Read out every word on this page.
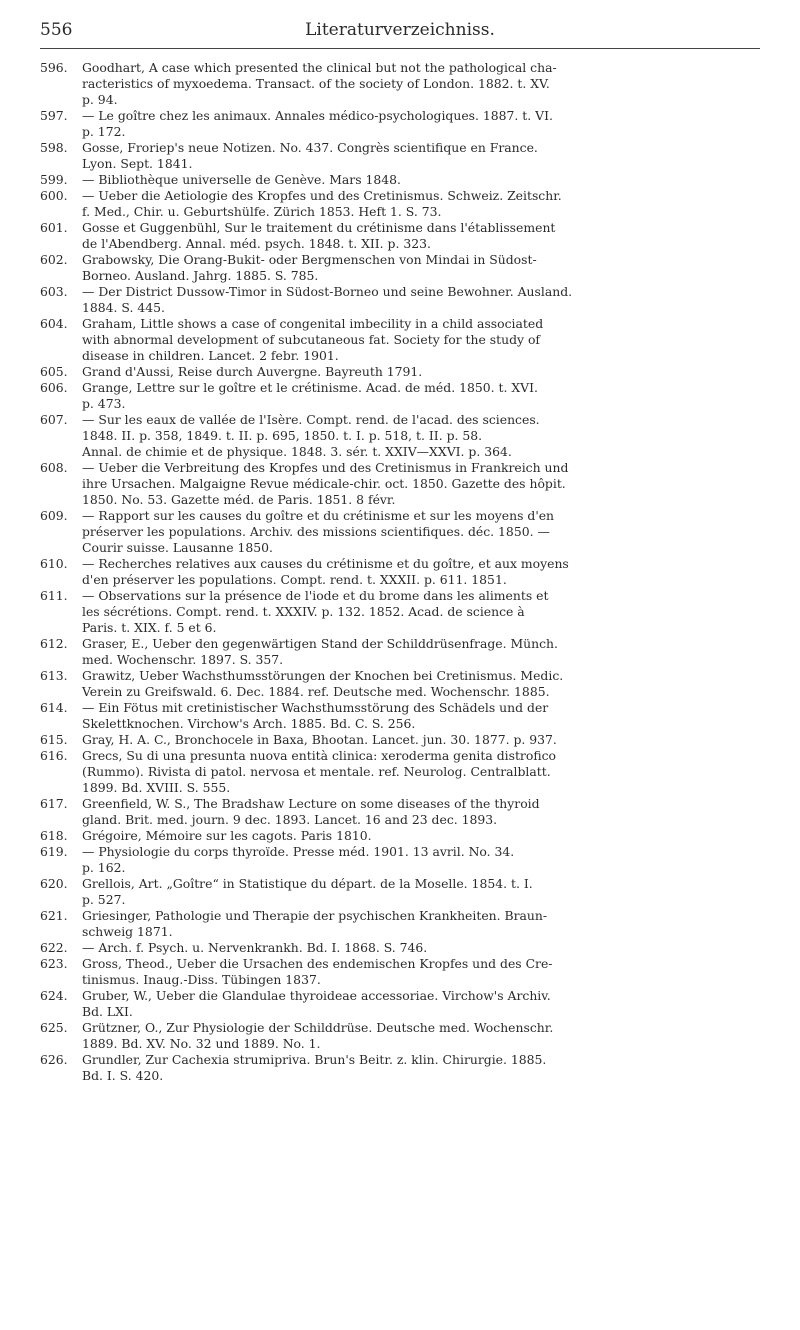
556	Literaturverzeichniss.
596.	Goodhart, A case which presented the clinical but not the pathological cha-
racteristics of myxoedema. Transact. of the society of London. 1882. t. XV.
p. 94.
597.	— Le goître chez les animaux. Annales médico-psychologiques. 1887. t. VI.
p. 172.
598.	Gosse, Froriep's neue Notizen. No. 437. Congrès scientifique en France.
Lyon. Sept. 1841.
599.	— Bibliothèque universelle de Genève. Mars 1848.
600.	— Ueber die Aetiologie des Kropfes und des Cretinismus. Schweiz. Zeitschr.
f. Med., Chir. u. Geburtshülfe. Zürich 1853. Heft 1. S. 73.
601.	Gosse et Guggenbühl, Sur le traitement du crétinisme dans l'établissement
de l'Abendberg. Annal. méd. psych. 1848. t. XII. p. 323.
602.	Grabowsky, Die Orang-Bukit- oder Bergmenschen von Mindai in Südost-
Borneo. Ausland. Jahrg. 1885. S. 785.
603.	— Der District Dussow-Timor in Südost-Borneo und seine Bewohner. Ausland.
1884. S. 445.
604.	Graham, Little shows a case of congenital imbecility in a child associated
with abnormal development of subcutaneous fat. Society for the study of
disease in children. Lancet. 2 febr. 1901.
605.	Grand d'Aussi, Reise durch Auvergne. Bayreuth 1791.
606.	Grange, Lettre sur le goître et le crétinisme. Acad. de méd. 1850. t. XVI.
p. 473.
607.	— Sur les eaux de vallée de l'Isère. Compt. rend. de l'acad. des sciences.
1848. II. p. 358, 1849. t. II. p. 695, 1850. t. I. p. 518, t. II. p. 58.
Annal. de chimie et de physique. 1848. 3. sér. t. XXIV—XXVI. p. 364.
608.	— Ueber die Verbreitung des Kropfes und des Cretinismus in Frankreich und
ihre Ursachen. Malgaigne Revue médicale-chir. oct. 1850. Gazette des hôpit.
1850. No. 53. Gazette méd. de Paris. 1851. 8 févr.
609.	— Rapport sur les causes du goître et du crétinisme et sur les moyens d'en
préserver les populations. Archiv. des missions scientifiques. déc. 1850. —
Courir suisse. Lausanne 1850.
610.	— Recherches relatives aux causes du crétinisme et du goître, et aux moyens
d'en préserver les populations. Compt. rend. t. XXXII. p. 611. 1851.
611.	— Observations sur la présence de l'iode et du brome dans les aliments et
les sécrétions. Compt. rend. t. XXXIV. p. 132. 1852. Acad. de science à
Paris. t. XIX. f. 5 et 6.
612.	Graser, E., Ueber den gegenwärtigen Stand der Schilddrüsenfrage. Münch.
med. Wochenschr. 1897. S. 357.
613.	Grawitz, Ueber Wachsthumsstörungen der Knochen bei Cretinismus. Medic.
Verein zu Greifswald. 6. Dec. 1884. ref. Deutsche med. Wochenschr. 1885.
614.	— Ein Fötus mit cretinistischer Wachsthumsstörung des Schädels und der
Skelettknochen. Virchow's Arch. 1885. Bd. C. S. 256.
615.	Gray, H. A. C., Bronchocele in Baxa, Bhootan. Lancet. jun. 30. 1877. p. 937.
616.	Grecs, Su di una presunta nuova entità clinica: xeroderma genita distrofico
(Rummo). Rivista di patol. nervosa et mentale. ref. Neurolog. Centralblatt.
1899. Bd. XVIII. S. 555.
617.	Greenfield, W. S., The Bradshaw Lecture on some diseases of the thyroid
gland. Brit. med. journ. 9 dec. 1893. Lancet. 16 and 23 dec. 1893.
618.	Grégoire, Mémoire sur les cagots. Paris 1810.
619.	— Physiologie du corps thyroïde. Presse méd. 1901. 13 avril. No. 34.
p. 162.
620.	Grellois, Art. „Goître“ in Statistique du départ. de la Moselle. 1854. t. I.
p. 527.
621.	Griesinger, Pathologie und Therapie der psychischen Krankheiten. Braun-
schweig 1871.
622.	— Arch. f. Psych. u. Nervenkrankh. Bd. I. 1868. S. 746.
623.	Gross, Theod., Ueber die Ursachen des endemischen Kropfes und des Cre-
tinismus. Inaug.-Diss. Tübingen 1837.
624.	Gruber, W., Ueber die Glandulae thyroideae accessoriae. Virchow's Archiv.
Bd. LXI.
625.	Grützner, O., Zur Physiologie der Schilddrüse. Deutsche med. Wochenschr.
1889. Bd. XV. No. 32 und 1889. No. 1.
626.	Grundler, Zur Cachexia strumipriva. Brun's Beitr. z. klin. Chirurgie. 1885.
Bd. I. S. 420.
